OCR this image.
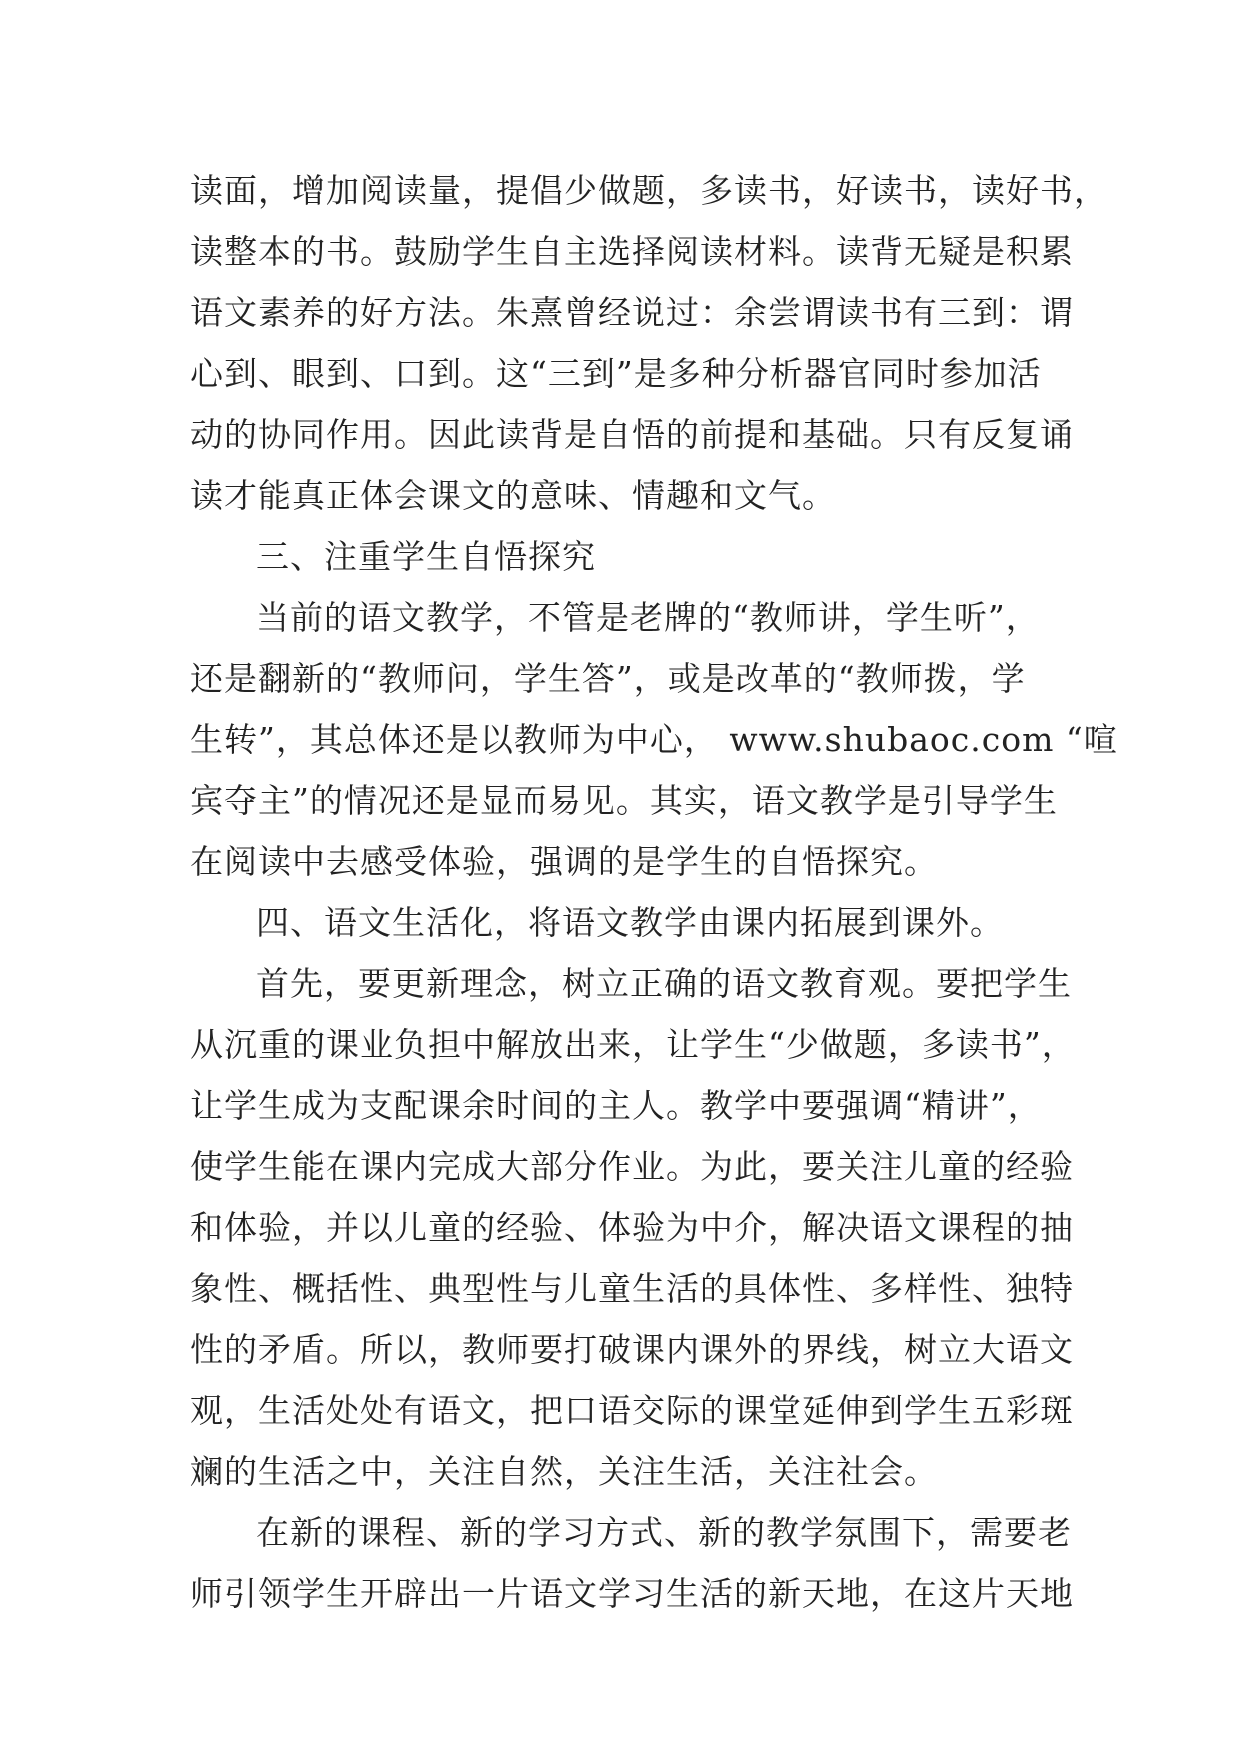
读面，增加阅读量，提倡少做题，多读书，好读书，读好书，
读整本的书。鼓励学生自主选择阅读材料。读背无疑是积累
语文素养的好方法。朱熹曾经说过：余尝谓读书有三到：谓
心到、眼到、口到。这“三到”是多种分析器官同时参加活
动的协同作用。因此读背是自悟的前提和基础。只有反复诵
读才能真正体会课文的意味、情趣和文气。
三、注重学生自悟探究
当前的语文教学，不管是老牌的“教师讲，学生听”，
还是翻新的“教师问，学生答”，或是改革的“教师拨，学
生转”，其总体还是以教师为中心， www.shubaoc.com “喧
宾夺主”的情况还是显而易见。其实，语文教学是引导学生
在阅读中去感受体验，强调的是学生的自悟探究。
四、语文生活化，将语文教学由课内拓展到课外。
首先，要更新理念，树立正确的语文教育观。要把学生
从沉重的课业负担中解放出来，让学生“少做题，多读书”，
让学生成为支配课余时间的主人。教学中要强调“精讲”，
使学生能在课内完成大部分作业。为此，要关注儿童的经验
和体验，并以儿童的经验、体验为中介，解决语文课程的抽
象性、概括性、典型性与儿童生活的具体性、多样性、独特
性的矛盾。所以，教师要打破课内课外的界线，树立大语文
观，生活处处有语文，把口语交际的课堂延伸到学生五彩斑
斓的生活之中，关注自然，关注生活，关注社会。
在新的课程、新的学习方式、新的教学氛围下，需要老
师引领学生开辟出一片语文学习生活的新天地，在这片天地
